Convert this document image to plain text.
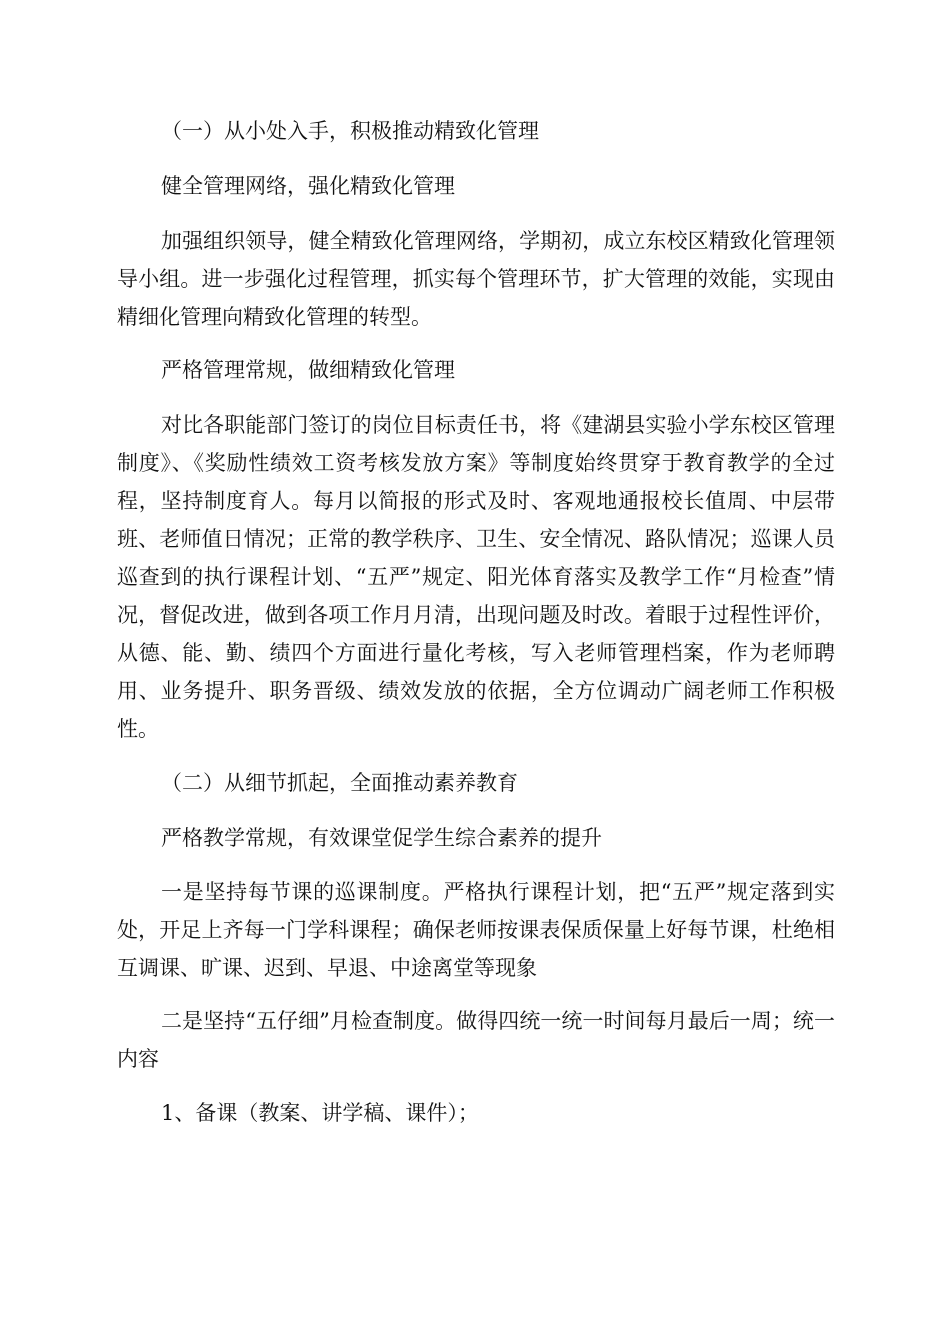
（一）从小处入手，积极推动精致化管理

健全管理网络，强化精致化管理

加强组织领导，健全精致化管理网络，学期初，成立东校区精致化管理领导小组。进一步强化过程管理，抓实每个管理环节，扩大管理的效能，实现由精细化管理向精致化管理的转型。

严格管理常规，做细精致化管理

对比各职能部门签订的岗位目标责任书，将《建湖县实验小学东校区管理制度》、《奖励性绩效工资考核发放方案》等制度始终贯穿于教育教学的全过程，坚持制度育人。每月以简报的形式及时、客观地通报校长值周、中层带班、老师值日情况；正常的教学秩序、卫生、安全情况、路队情况；巡课人员巡查到的执行课程计划、“五严”规定、阳光体育落实及教学工作“月检查”情况，督促改进，做到各项工作月月清，出现问题及时改。着眼于过程性评价，从德、能、勤、绩四个方面进行量化考核，写入老师管理档案，作为老师聘用、业务提升、职务晋级、绩效发放的依据，全方位调动广阔老师工作积极性。

（二）从细节抓起，全面推动素养教育

严格教学常规，有效课堂促学生综合素养的提升

一是坚持每节课的巡课制度。严格执行课程计划，把“五严”规定落到实处，开足上齐每一门学科课程；确保老师按课表保质保量上好每节课，杜绝相互调课、旷课、迟到、早退、中途离堂等现象

二是坚持“五仔细”月检查制度。做得四统一统一时间每月最后一周；统一内容

1、备课（教案、讲学稿、课件）；
